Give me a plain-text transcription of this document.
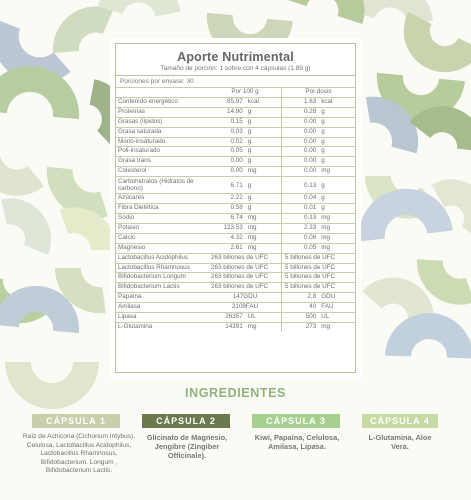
Aporte Nutrimental
Tamaño de porción: 1 sobre con 4 cápsulas (1.89 g)
Porciones por envase: 30
	Por 100 g		Por dosis	
Contenido energético	85.97	kcal	1.63	kcal
Proteínas	14.90	g	0.28	g
Grasas (lípidos)	0.15	g	0.00	g
Grasa saturada	0.03	g	0.00	g
Mono-insaturado	0.02	g	0.00	g
Poli-insaturado	0.05	g	0.00	g
Grasa trans	0.00	g	0.00	g
Colesterol	0.00	mg	0.00	mg
Carbohidratos (Hidratos de carbono)	6.71	g	0.13	g
Azúcares	2.22	g	0.04	g
Fibra Dietética	0.58	g	0.01	g
Sodio	6.74	mg	0.13	mg
Potasio	123.53	mg	2.33	mg
Calcio	4.32	mg	0.08	mg
Magnesio	2.61	mg	0.05	mg
Lactobacillus Acidophilus	263 billones de UFC		5 billones de UFC	
Lactobacillus Rhamnosus	263 billones de UFC		5 billones de UFC	
Bifidobacterium Longum	263 billones de UFC		5 billones de UFC	
Bifidobacterium Lactis	263 billones de UFC		5 billones de UFC	
Papaína	147GDU		2.8	GDU
Amilasa	2108FAU		40	FAU
Lipasa	26357	UL	500	UL
L-Glutamina	14391	mg	273	mg
INGREDIENTES
CÁPSULA 1
Raíz de Achicoria (Cichorium Intybus), Celulosa, Lactobacillus Acidophilus, Lactobacillus Rhamnosus, Bifidobacterium. Longum , Bifidobacterium Lactis.
CÁPSULA 2
Glicinato de Magnesio, Jengibre (Zingiber Officinale).
CÁPSULA 3
Kiwi, Papaína, Celulosa, Amilasa, Lipasa.
CÁPSULA 4
L-Glutamina, Aloe Vera.
